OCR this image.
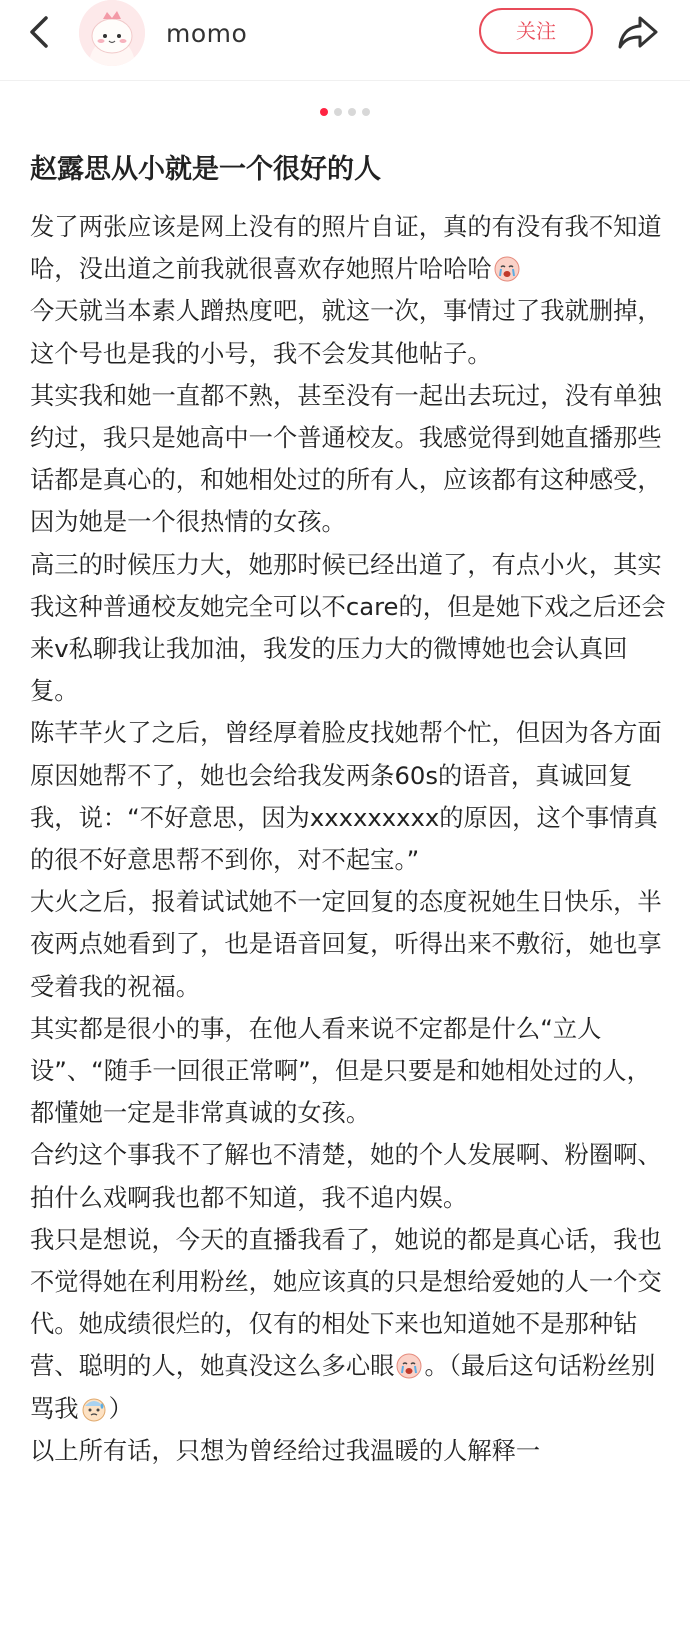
momo	关注
赵露思从小就是一个很好的人

发了两张应该是网上没有的照片自证，真的有没有我不知道哈，没出道之前我就很喜欢存她照片哈哈哈

今天就当本素人蹭热度吧，就这一次，事情过了我就删掉，这个号也是我的小号，我不会发其他帖子。

其实我和她一直都不熟，甚至没有一起出去玩过，没有单独约过，我只是她高中一个普通校友。我感觉得到她直播那些话都是真心的，和她相处过的所有人，应该都有这种感受，因为她是一个很热情的女孩。

高三的时候压力大，她那时候已经出道了，有点小火，其实我这种普通校友她完全可以不care的，但是她下戏之后还会来v私聊我让我加油，我发的压力大的微博她也会认真回复。

陈芊芊火了之后，曾经厚着脸皮找她帮个忙，但因为各方面原因她帮不了，她也会给我发两条60s的语音，真诚回复我，说：“不好意思，因为xxxxxxxxx的原因，这个事情真的很不好意思帮不到你，对不起宝。”

大火之后，报着试试她不一定回复的态度祝她生日快乐，半夜两点她看到了，也是语音回复，听得出来不敷衍，她也享受着我的祝福。

其实都是很小的事，在他人看来说不定都是什么“立人设”、“随手一回很正常啊”，但是只要是和她相处过的人，都懂她一定是非常真诚的女孩。

合约这个事我不了解也不清楚，她的个人发展啊、粉圈啊、拍什么戏啊我也都不知道，我不追内娱。

我只是想说，今天的直播我看了，她说的都是真心话，我也不觉得她在利用粉丝，她应该真的只是想给爱她的人一个交代。她成绩很烂的，仅有的相处下来也知道她不是那种钻营、聪明的人，她真没这么多心眼 。（最后这句话粉丝别骂我 ）

以上所有话，只想为曾经给过我温暖的人解释一
